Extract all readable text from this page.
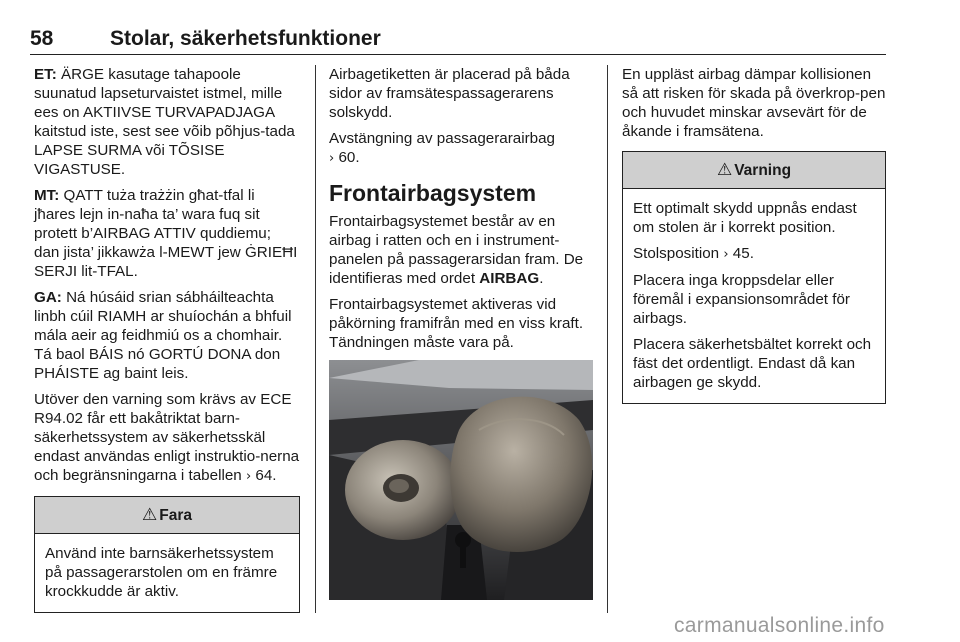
58	Stolar, säkerhetsfunktioner

ET: ÄRGE kasutage tahapoole suunatud lapseturvaistet istmel, mille ees on AKTIIVSE TURVAPADJAGA kaitstud iste, sest see võib põhjus-tada LAPSE SURMA või TÕSISE VIGASTUSE.

MT: QATT tuża trażżin għat-tfal li jħares lejn in-naħa ta’ wara fuq sit protett b’AIRBAG ATTIV quddiemu; dan jista’ jikkawża l-MEWT jew ĠRIEĦI SERJI lit-TFAL.

GA: Ná húsáid srian sábháilteachta linbh cúil RIAMH ar shuíochán a bhfuil mála aeir ag feidhmiú os a chomhair. Tá baol BÁIS nó GORTÚ DONA don PHÁISTE ag baint leis.

Utöver den varning som krävs av ECE R94.02 får ett bakåtriktat barn-säkerhetssystem av säkerhetsskäl endast användas enligt instruktio-nerna och begränsningarna i tabellen › 64.

⚠ Fara

Använd inte barnsäkerhetssystem på passagerarstolen om en främre krockkudde är aktiv.

Airbagetiketten är placerad på båda sidor av framsätespassagerarens solskydd.

Avstängning av passagerarairbag
› 60.

Frontairbagsystem

Frontairbagsystemet består av en airbag i ratten och en i instrument-panelen på passagerarsidan fram. De identifieras med ordet AIRBAG.

Frontairbagsystemet aktiveras vid påkörning framifrån med en viss kraft. Tändningen måste vara på.

En uppläst airbag dämpar kollisionen så att risken för skada på överkrop-pen och huvudet minskar avsevärt för de åkande i framsätena.

⚠ Varning

Ett optimalt skydd uppnås endast om stolen är i korrekt position.

Stolsposition › 45.

Placera inga kroppsdelar eller föremål i expansionsområdet för airbags.

Placera säkerhetsbältet korrekt och fäst det ordentligt. Endast då kan airbagen ge skydd.

carmanualsonline.info
